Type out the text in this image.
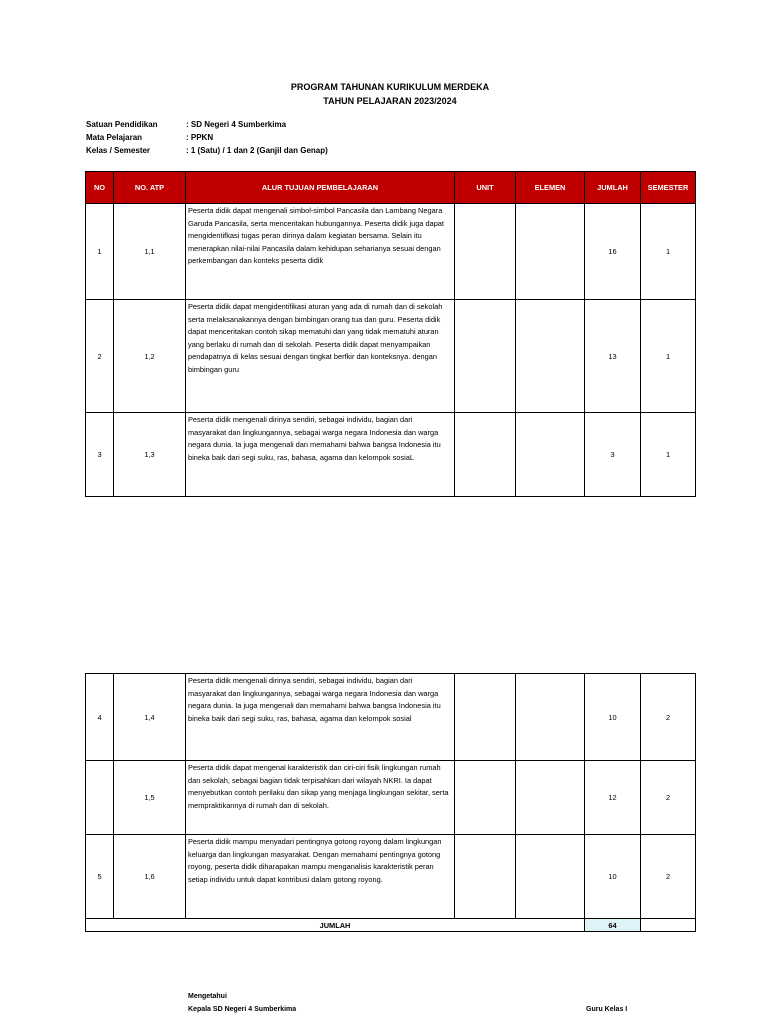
PROGRAM TAHUNAN KURIKULUM MERDEKA
TAHUN PELAJARAN 2023/2024
Satuan Pendidikan	: SD Negeri 4 Sumberkima
Mata Pelajaran	: PPKN
Kelas / Semester	: 1 (Satu) / 1 dan 2 (Ganjil dan Genap)
NO	NO. ATP	ALUR TUJUAN PEMBELAJARAN	UNIT	ELEMEN	JUMLAH	SEMESTER
1	1,1	Peserta didik dapat mengenali simbol-simbol Pancasila dan Lambang Negara Garuda Pancasila, serta menceritakan hubungannya. Peserta didik juga dapat mengidentifkasi tugas peran dirinya dalam kegiatan bersama. Selain itu menerapkan nilai-nilai Pancasila dalam kehidupan seharianya sesuai dengan perkembangan dan konteks peserta didik			16	1
2	1,2	Peserta didik dapat mengidentifikasi aturan yang ada di rumah dan di sekolah serta melaksanakannya dengan bimbingan orang tua dan guru. Peserta didik dapat menceritakan contoh sikap mematuhi dan yang tidak mematuhi aturan yang berlaku di rumah dan di sekolah. Peserta didik dapat menyampaikan pendapatnya di kelas sesuai dengan tingkat berfkir dan konteksnya. dengan bimbingan guru			13	1
3	1,3	Peserta didik mengenali dirinya sendiri, sebagai individu, bagian dari masyarakat dan lingkungannya, sebagai warga negara Indonesia dan warga negara dunia. Ia juga mengenali dan memahami bahwa bangsa Indonesia itu bineka baik dari segi suku, ras, bahasa, agama dan kelompok sosiaL			3	1
4	1,4	Peserta didik mengenali dirinya sendiri, sebagai individu, bagian dari masyarakat dan lingkungannya, sebagai warga negara Indonesia dan warga negara dunia. Ia juga mengenali dan memahami bahwa bangsa Indonesia itu bineka baik dari segi suku, ras, bahasa, agama dan kelompok sosial			10	2
	1,5	Peserta didik dapat mengenal karakteristik dan ciri-ciri fisik lingkungan rumah dan sekolah, sebagai bagian tidak terpisahkan dari wilayah NKRI. Ia dapat menyebutkan contoh perilaku dan sikap yang menjaga lingkungan sekitar, serta mempraktikannya di rumah dan di sekolah.			12	2
5	1,6	Peserta didik mampu menyadari pentingnya gotong royong dalam lingkungan keluarga dan lingkungan masyarakat. Dengan memahami pentingnya gotong royong, peserta didik diharapakan mampu menganalisis karakteristik peran setiap individu untuk dapat kontribusi dalam gotong royong.			10	2
JUMLAH					64	
Mengetahui
Kepala SD Negeri 4 Sumberkima	Guru Kelas I
